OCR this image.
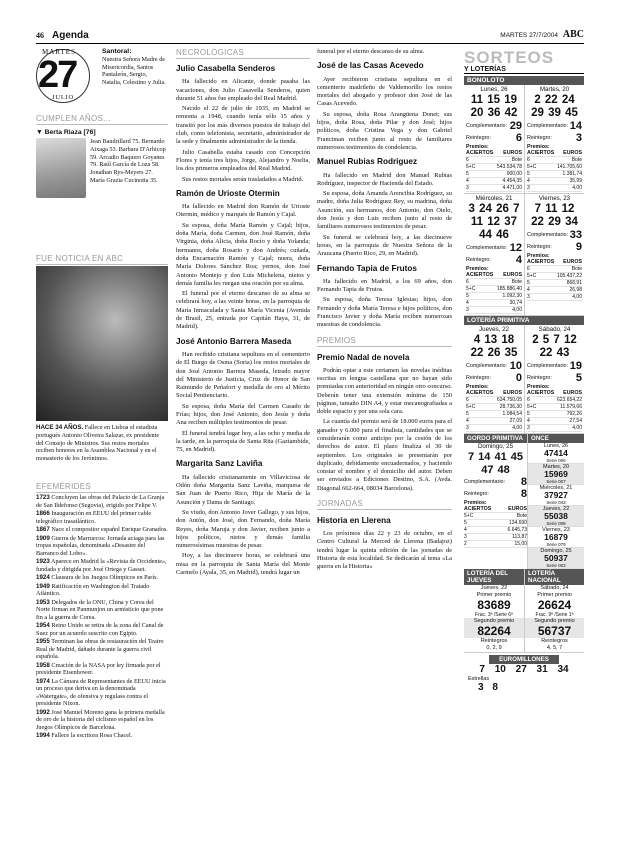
46 Agenda	MARTES 27/7/2004 ABC
MARTES
27
JULIO
Santoral:
Nuestra Señora Madre de Misericordia, Santos Pantaleón, Sergio, Natalia, Celestino y Julia.
CUMPLEN AÑOS...
▼ Berta Riaza [76]
Jean Baudrillard 75. Bernardo Atxaga 53. Barbara D'Arhicop 59. Arcadio Baquero Goyanes 79. Raúl García de Loza 58. Jonathan Rys-Meyers 27. María Grazia Cucinotta 35.
FUE NOTICIA EN ABC
HACE 34 AÑOS. Fallece en Lisboa el estadista portugués Antonio Oliveira Salazar, ex presidente del Consejo de Ministros. Sus restos mortales reciben honores en la Asamblea Nacional y en el monasterio de los Jerónimos.
EFEMÉRIDES

1723 Concluyen las obras del Palacio de La Granja de San Ildefonso (Segovia), erigido por Felipe V.

1866 Inauguración en EEUU del primer cable telegráfico trasatlántico.

1867 Nace el compositor español Enrique Granados.

1909 Guerra de Marruecos: Jornada aciaga para las tropas españolas, denominada «Desastre del Barranco del Lobo».

1923 Aparece en Madrid la «Revista de Occidente», fundada y dirigida por José Ortega y Gasset.

1924 Clausura de los Juegos Olímpicos en París.

1949 Ratificación en Washington del Tratado Atlántico.

1953 Delegados de la ONU, China y Corea del Norte firman en Panmunjon un armisticio que pone fin a la guerra de Corea.

1954 Reino Unido se retira de la zona del Canal de Suez por un acuerdo suscrito con Egipto.

1955 Terminan las obras de restauración del Teatro Real de Madrid, dañado durante la guerra civil española.

1958 Creación de la NASA por ley firmada por el presidente Eisenhower.

1974 La Cámara de Representantes de EEUU inicia un proceso que deriva en la denominada «Watergate», de ofensiva y regulass contra el presidente Nixon.

1992 José Manuel Moreno gana la primera medalla de oro de la historia del ciclismo español en los Juegos Olímpicos de Barcelona.

1994 Fallece la escritora Rosa Chacel.

NECROLÓGICAS
Julio Casabella Senderos

Ha fallecido en Alicante, donde pasaba las vacaciones, don Julio Casavella Senderos, quien durante 51 años fue empleado del Real Madrid.

Nacido el 22 de julio de 1935, en Madrid se remonta a 1948, cuando tenía sólo 15 años y transitó por los más diversos puestos de trabajo del club, como telefonista, secretario, administrador de la sede y finalmente administrador de la tienda.

Julio Casabella estaba casado con Concepción Flores y tenía tres hijos, Jorge, Alejandro y Noelia, los dos primeros empleados del Real Madrid.

Sus restos mortales serán trasladados a Madrid.

Ramón de Urioste Otermin

Ha fallecido en Madrid don Ramón de Urioste Otermin, médico y marqués de Ramón y Cajal.

Su esposa, doña María Ramón y Cajal; hijos, doña María, doña Carmen, don José Ramón, doña Virginia, doña Alicia, doña Rocío y doña Yolanda; hermanos, doña Rosario y don Andrés; cuñada, doña Encarnación Ramón y Cajal; nuera, doña María Dolores Sánchez Roa; yernos, don José Antonio Montejo y don Luis Michelena, nietos y demás familia les ruegan una oración por su alma.

El funeral por el eterno descanso de su alma se celebrará hoy, a las veinte horas, en la parroquia de María Inmaculada y Santa María Vicenta (Avenida de Brasil, 25, entrada por Capitán Haya, 31, de Madrid).

José Antonio Barrera Maseda

Han recibido cristiana sepultura en el cementerio de El Burgo de Osma (Soria) los restos mortales de don José Antonio Barrera Maseda, letrado mayor del Ministerio de Justicia, Cruz de Honor de San Raimundo de Peñafort y medalla de oro al Mérito Social Penitenciario.

Su esposa, doña María del Carmen Casado de Frías; hijos, don José Antonio, don Jesús y doña Ana reciben múltiples testimonios de pesar.

El funeral tendrá lugar hoy, a las ocho y media de la tarde, en la parroquia de Santa Rita (Gaztambide, 75, en Madrid).

Margarita Sanz Laviña

Ha fallecido cristianamente en Villaviciosa de Odón doña Margarita Sanz Laviña, marquesa de San Juan de Puerto Rico, Hija de María de la Asunción y Dama de Santiago.

Su viudo, don Antonio Jover Gallego, y sus hijos, don Antón, don José, don Fernando, doña María Reyes, doña Maruja y don Javier, reciben junto a hijos políticos, nietos y demás familia numerosísimas muestras de pesar.

Hoy, a las diecinueve horas, se celebrará una misa en la parroquia de Santa María del Monte Carmelo (Ayala, 35, en Madrid), tendrá lugar un

funeral por el eterno descanso de su alma.

José de las Casas Acevedo

Ayer recibieron cristiana sepultura en el cementerio madrileño de Valdemorillo los restos mortales del abogado y profesor don José de las Casas Acevedo.

Su esposa, doña Rosa Arangüena Donet; sus hijos, doña Rosa, doña Pilar y don José; hijos políticos, doña Cristina Vega y don Gabriel Franctman reciben junto al resto de familiares numerosos testimonios de condolencia.

Manuel Rubias Rodríguez

Ha fallecido en Madrid don Manuel Rubias Rodríguez, inspector de Hacienda del Estado.

Su esposa, doña Amanda Arencibia Rodríguez, su madre, doña Julia Rodríguez Rey, su madrina, doña Asunción, sus hermanos, don Antonio, don Otelo, don Jesús y don Luis reciben junto al resto de familiares numerosos testimonios de pesar.

Su funeral se celebrará hoy, a las diecinueve horas, en la parroquia de Nuestra Señora de la Araucana (Puerto Rico, 29, en Madrid).

Fernando Tapia de Frutos

Ha fallecido en Madrid, a los 69 años, don Fernando Tapia de Frutos.

Su esposa, doña Teresa Iglesias; hijos, don Fernando y doña María Teresa e hijos políticos, don Francisco Javier y doña María reciben numerosas muestras de condolencia.

PREMIOS
Premio Nadal de novela

Podrán optar a este certamen las novelas inéditas escritas en lengua castellana que no hayan sido premiadas con anterioridad en ningún otro concurso. Deberán tener una extensión mínima de 150 páginas, tamaño DIN A4, y estar mecanografiadas a doble espacio y por una sola cara.

La cuantía del premio será de 18.000 euros para el ganador y 6.000 para el finalista, cantidades que se considerarán como anticipo por la cesión de los derechos de autor. El plazo finaliza el 30 de septiembre. Los originales se presentarán por duplicado, debidamente encuadernados, y haciendo constar el nombre y el domicilio del autor. Deben ser enviados a Ediciones Destino, S.A. (Avda. Diagonal 662-664, 08034 Barcelona).

JORNADAS
Historia en Llerena

Los próximos días 22 y 23 de octubre, en el Centro Cultural la Merced de Llerena (Badajoz) tendrá lugar la quinta edición de las jornadas de Historia de esta localidad. Se dedicarán al tema «La guerra en la Historia»

SORTEOS
Y LOTERÍAS
BONOLOTO
Lunes, 26
11 15 19 20 36 42
Complementario: 29
Reintegro: 6
Premios:
ACIERTOS EUROS
6	Bote
5+C	543.534,78
5	900,00
4	4.454,35
3	4.471,00
Martes, 20
2 22 24 29 39 45
Complementario: 14
Reintegro: 3
Premios:
ACIERTOS EUROS
6	Bote
5+C	141.705,60
5	1.381,74
4	35,99
3	4,00
Miércoles, 21
3 24 26 7 11 12 37 44 46
Complementario: 12
Reintegro: 4
Premios:
ACIERTOS EUROS
6	Bote
5+C	185.886,40
5	1.092,30
4	30,74
3	4,00
Viernes, 23
7 11 12 22 29 34
Complementario: 33
Reintegro: 9
Premios:
ACIERTOS EUROS
6	Bote
5+C	105.437,22
5	868,91
4	26,98
3	4,00
LOTERÍA PRIMITIVA
Jueves, 22
4 13 18 22 26 35
Complementario: 10
Reintegro: 0
Premios:
ACIERTOS EUROS
6	634.750,05
5+C	28.736,30
5	1.084,54
4	27,09
3	4,00
Sábado, 24
2 5 7 12 22 43
Complementario: 19
Reintegro: 5
Premios:
ACIERTOS EUROS
6	623.654,22
5+C	11.579,66
5	792,26
4	27,54
3	4,00
GORDO PRIMITIVA
Domingo, 25
7 14 41 45 47 48
Complementario: 8
Reintegro:	8
Premios:
ACIERTOS	EUROS
5+C	Bote
5	134.690
4	6.645,73
3	113,87
2	15,00
ONCE
Lunes, 26
47414
Serie 006
Martes, 20
15969
Serie 007
Miércoles, 21
37927
Serie 043
Jueves, 22
55038
Serie 008
Viernes, 23
16879
Serie 079
Domingo, 25
50937
Serie 003
LOTERÍA DEL JUEVES
Jueves, 22
Primer premio
83689
Frac. 3ª /Serie 6ª
Segundo premio
82264
Reintegros
0, 2, 9
LOTERÍA NACIONAL
Sábado, 24
Primer premio
26624
Frac. 9ª /Serie 1ª
Segundo premio
56737
Reintegros
4, 5, 7
EUROMILLONES
7 10 27 31 34
Estrellas
3 8
